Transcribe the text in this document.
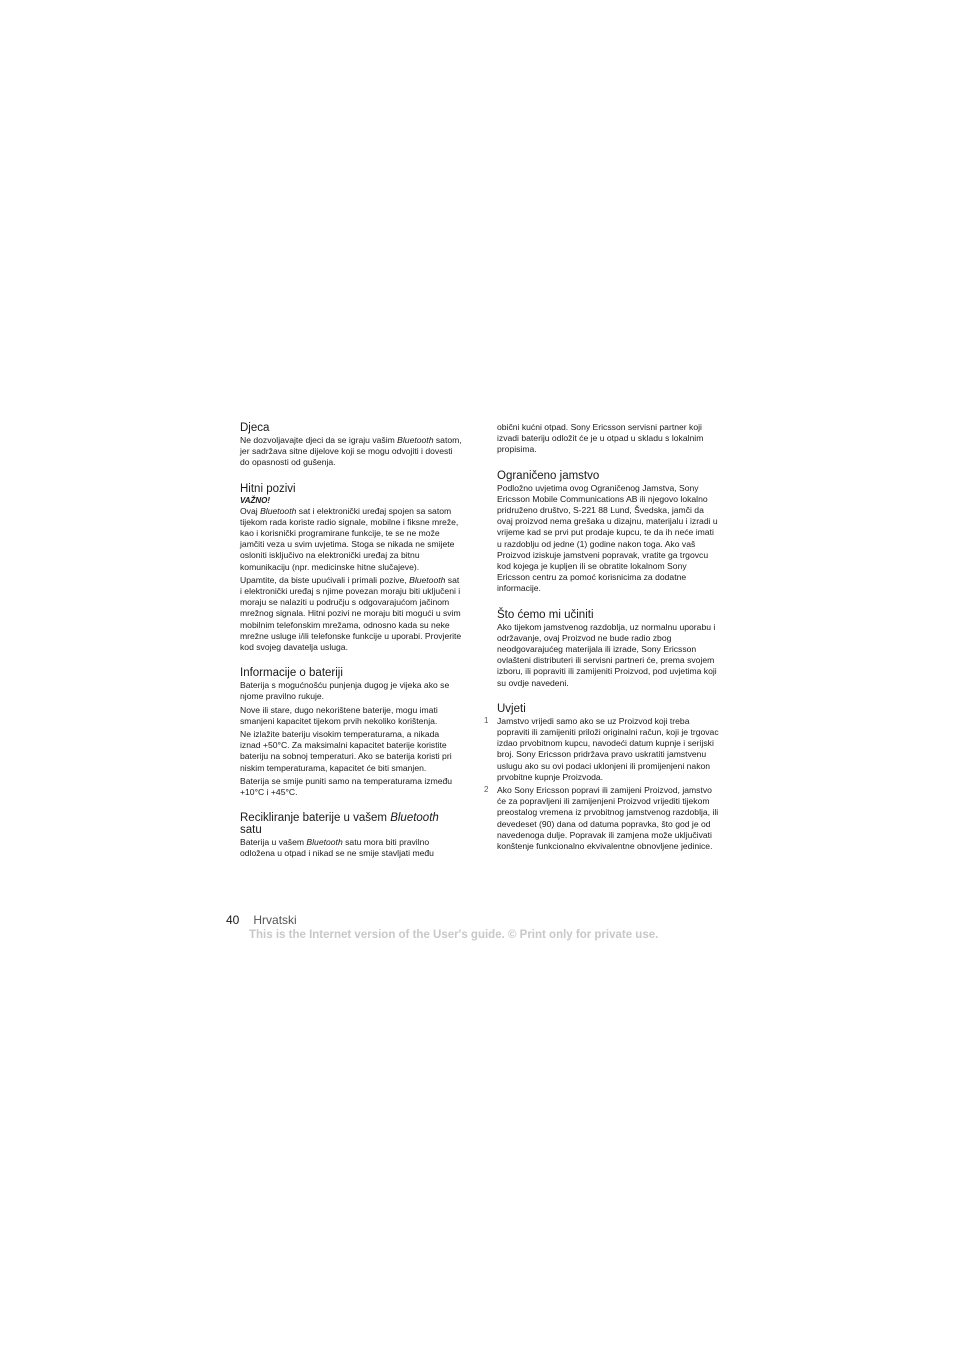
Djeca

Ne dozvoljavajte djeci da se igraju vašim Bluetooth satom, jer sadržava sitne dijelove koji se mogu odvojiti i dovesti do opasnosti od gušenja.

Hitni pozivi
VAŽNO!

Ovaj Bluetooth sat i elektronički uređaj spojen sa satom tijekom rada koriste radio signale, mobilne i fiksne mreže, kao i korisnički programirane funkcije, te se ne može jamčiti veza u svim uvjetima. Stoga se nikada ne smijete osloniti isključivo na elektronički uređaj za bitnu komunikaciju (npr. medicinske hitne slučajeve).

Upamtite, da biste upućivali i primali pozive, Bluetooth sat i elektronički uređaj s njime povezan moraju biti uključeni i moraju se nalaziti u području s odgovarajućom jačinom mrežnog signala. Hitni pozivi ne moraju biti mogući u svim mobilnim telefonskim mrežama, odnosno kada su neke mrežne usluge i/ili telefonske funkcije u uporabi. Provjerite kod svojeg davatelja usluga.

Informacije o bateriji

Baterija s mogućnošću punjenja dugog je vijeka ako se njome pravilno rukuje.

Nove ili stare, dugo nekorištene baterije, mogu imati smanjeni kapacitet tijekom prvih nekoliko korištenja.

Ne izlažite bateriju visokim temperaturama, a nikada iznad +50°C. Za maksimalni kapacitet baterije koristite bateriju na sobnoj temperaturi. Ako se baterija koristi pri niskim temperaturama, kapacitet će biti smanjen.

Baterija se smije puniti samo na temperaturama između +10°C i +45°C.

Recikliranje baterije u vašem Bluetooth satu

Baterija u vašem Bluetooth satu mora biti pravilno odložena u otpad i nikad se ne smije stavljati među

obični kućni otpad. Sony Ericsson servisni partner koji izvadi bateriju odložit će je u otpad u skladu s lokalnim propisima.

Ograničeno jamstvo

Podložno uvjetima ovog Ograničenog Jamstva, Sony Ericsson Mobile Communications AB ili njegovo lokalno pridruženo društvo, S-221 88 Lund, Švedska, jamči da ovaj proizvod nema grešaka u dizajnu, materijalu i izradi u vrijeme kad se prvi put prodaje kupcu, te da ih neće imati u razdoblju od jedne (1) godine nakon toga. Ako vaš Proizvod iziskuje jamstveni popravak, vratite ga trgovcu kod kojega je kupljen ili se obratite lokalnom Sony Ericsson centru za pomoć korisnicima za dodatne informacije.

Što ćemo mi učiniti

Ako tijekom jamstvenog razdoblja, uz normalnu uporabu i održavanje, ovaj Proizvod ne bude radio zbog neodgovarajućeg materijala ili izrade, Sony Ericsson ovlašteni distributeri ili servisni partneri će, prema svojem izboru, ili popraviti ili zamijeniti Proizvod, pod uvjetima koji su ovdje navedeni.

Uvjeti
1 Jamstvo vrijedi samo ako se uz Proizvod koji treba popraviti ili zamijeniti priloži originalni račun, koji je trgovac izdao prvobitnom kupcu, navodeći datum kupnje i serijski broj. Sony Ericsson pridržava pravo uskratiti jamstvenu uslugu ako su ovi podaci uklonjeni ili promijenjeni nakon prvobitne kupnje Proizvoda.

2 Ako Sony Ericsson popravi ili zamijeni Proizvod, jamstvo će za popravljeni ili zamijenjeni Proizvod vrijediti tijekom preostalog vremena iz prvobitnog jamstvenog razdoblja, ili devedeset (90) dana od datuma popravka, što god je od navedenoga dulje. Popravak ili zamjena može uključivati konštenje funkcionalno ekvivalentne obnovljene jedinice.

40 Hrvatski
This is the Internet version of the User's guide. © Print only for private use.
